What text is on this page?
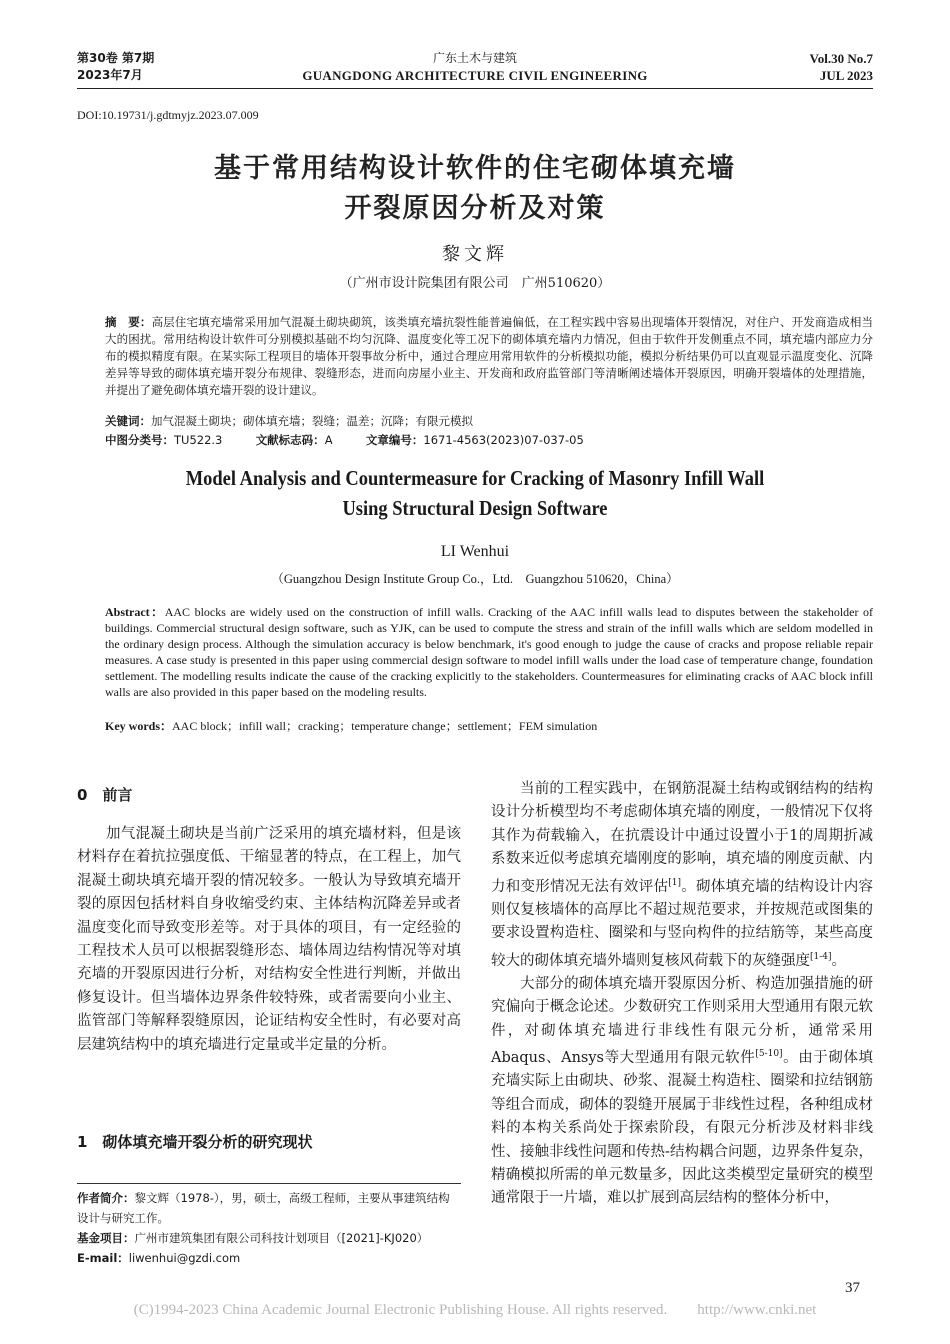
第30卷 第7期
2023年7月
广东土木与建筑
GUANGDONG ARCHITECTURE CIVIL ENGINEERING
Vol.30 No.7
JUL 2023
DOI:10.19731/j.gdtmyjz.2023.07.009
基于常用结构设计软件的住宅砌体填充墙
开裂原因分析及对策
黎文辉
（广州市设计院集团有限公司　广州510620）
摘　要：高层住宅填充墙常采用加气混凝土砌块砌筑，该类填充墙抗裂性能普遍偏低，在工程实践中容易出现墙体开裂情况，对住户、开发商造成相当大的困扰。常用结构设计软件可分别模拟基础不均匀沉降、温度变化等工况下的砌体填充墙内力情况，但由于软件开发侧重点不同，填充墙内部应力分布的模拟精度有限。在某实际工程项目的墙体开裂事故分析中，通过合理应用常用软件的分析模拟功能，模拟分析结果仍可以直观显示温度变化、沉降差异等导致的砌体填充墙开裂分布规律、裂缝形态，进而向房屋小业主、开发商和政府监管部门等清晰阐述墙体开裂原因，明确开裂墙体的处理措施，并提出了避免砌体填充墙开裂的设计建议。
关键词：加气混凝土砌块；砌体填充墙；裂缝；温差；沉降；有限元模拟
中图分类号：TU522.3	文献标志码：A	文章编号：1671-4563(2023)07-037-05
Model Analysis and Countermeasure for Cracking of Masonry Infill Wall
Using Structural Design Software
LI Wenhui
（Guangzhou Design Institute Group Co.，Ltd.　Guangzhou 510620，China）
Abstract：AAC blocks are widely used on the construction of infill walls. Cracking of the AAC infill walls lead to disputes between the stakeholder of buildings. Commercial structural design software, such as YJK, can be used to compute the stress and strain of the infill walls which are seldom modelled in the ordinary design process. Although the simulation accuracy is below benchmark, it's good enough to judge the cause of cracks and propose reliable repair measures. A case study is presented in this paper using commercial design software to model infill walls under the load case of temperature change, foundation settlement. The modelling results indicate the cause of the cracking explicitly to the stakeholders. Countermeasures for eliminating cracks of AAC block infill walls are also provided in this paper based on the modeling results.
Key words：AAC block；infill wall；cracking；temperature change；settlement；FEM simulation
0　前言

加气混凝土砌块是当前广泛采用的填充墙材料，但是该材料存在着抗拉强度低、干缩显著的特点，在工程上，加气混凝土砌块填充墙开裂的情况较多。一般认为导致填充墙开裂的原因包括材料自身收缩受约束、主体结构沉降差异或者温度变化而导致变形差等。对于具体的项目，有一定经验的工程技术人员可以根据裂缝形态、墙体周边结构情况等对填充墙的开裂原因进行分析，对结构安全性进行判断，并做出修复设计。但当墙体边界条件较特殊，或者需要向小业主、监管部门等解释裂缝原因，论证结构安全性时，有必要对高层建筑结构中的填充墙进行定量或半定量的分析。

1　砌体填充墙开裂分析的研究现状
作者简介：黎文辉（1978-），男，硕士，高级工程师，主要从事建筑结构设计与研究工作。
基金项目：广州市建筑集团有限公司科技计划项目（[2021]-KJ020）
E-mail：liwenhui@gzdi.com

当前的工程实践中，在钢筋混凝土结构或钢结构的结构设计分析模型均不考虑砌体填充墙的刚度，一般情况下仅将其作为荷载输入，在抗震设计中通过设置小于1的周期折减系数来近似考虑填充墙刚度的影响，填充墙的刚度贡献、内力和变形情况无法有效评估[1]。砌体填充墙的结构设计内容则仅复核墙体的高厚比不超过规范要求，并按规范或图集的要求设置构造柱、圈梁和与竖向构件的拉结筋等，某些高度较大的砌体填充墙外墙则复核风荷载下的灰缝强度[1-4]。

大部分的砌体填充墙开裂原因分析、构造加强措施的研究偏向于概念论述。少数研究工作则采用大型通用有限元软件，对砌体填充墙进行非线性有限元分析，通常采用Abaqus、Ansys等大型通用有限元软件[5-10]。由于砌体填充墙实际上由砌块、砂浆、混凝土构造柱、圈梁和拉结钢筋等组合而成，砌体的裂缝开展属于非线性过程，各种组成材料的本构关系尚处于探索阶段，有限元分析涉及材料非线性、接触非线性问题和传热-结构耦合问题，边界条件复杂，精确模拟所需的单元数量多，因此这类模型定量研究的模型通常限于一片墙，难以扩展到高层结构的整体分析中，

37
(C)1994-2023 China Academic Journal Electronic Publishing House. All rights reserved.　　http://www.cnki.net
